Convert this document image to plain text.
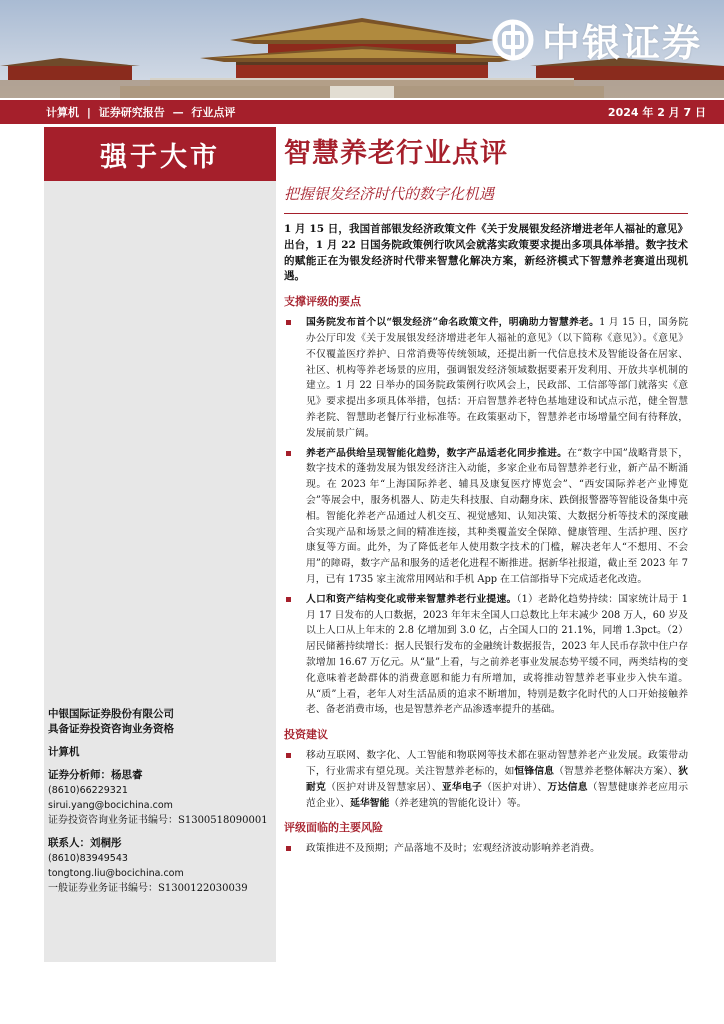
中银证券
计算机 | 证券研究报告 — 行业点评	2024 年 2 月 7 日
强于大市
中银国际证券股份有限公司
具备证券投资咨询业务资格
计算机
证券分析师：杨思睿
(8610)66229321
sirui.yang@bocichina.com
证券投资咨询业务证书编号：S1300518090001
联系人：刘桐彤
(8610)83949543
tongtong.liu@bocichina.com
一般证券业务证书编号：S1300122030039
智慧养老行业点评
把握银发经济时代的数字化机遇
1 月 15 日，我国首部银发经济政策文件《关于发展银发经济增进老年人福祉的意见》出台，1 月 22 日国务院政策例行吹风会就落实政策要求提出多项具体举措。数字技术的赋能正在为银发经济时代带来智慧化解决方案，新经济模式下智慧养老赛道出现机遇。
支撑评级的要点
国务院发布首个以“银发经济”命名政策文件，明确助力智慧养老。1 月 15 日，国务院办公厅印发《关于发展银发经济增进老年人福祉的意见》（以下简称《意见》）。《意见》不仅覆盖医疗养护、日常消费等传统领域，还提出新一代信息技术及智能设备在居家、社区、机构等养老场景的应用，强调银发经济领域数据要素开发利用、开放共享机制的建立。1 月 22 日举办的国务院政策例行吹风会上，民政部、工信部等部门就落实《意见》要求提出多项具体举措，包括：开启智慧养老特色基地建设和试点示范，健全智慧养老院、智慧助老餐厅行业标准等。在政策驱动下，智慧养老市场增量空间有待释放，发展前景广阔。
养老产品供给呈现智能化趋势，数字产品适老化同步推进。在“数字中国”战略背景下，数字技术的蓬勃发展为银发经济注入动能，多家企业布局智慧养老行业，新产品不断涌现。在 2023 年“上海国际养老、辅具及康复医疗博览会”、“西安国际养老产业博览会”等展会中，服务机器人、防走失科技服、自动翻身床、跌倒报警器等智能设备集中亮相。智能化养老产品通过人机交互、视觉感知、认知决策、大数据分析等技术的深度融合实现产品和场景之间的精准连接，其种类覆盖安全保障、健康管理、生活护理、医疗康复等方面。此外，为了降低老年人使用数字技术的门槛，解决老年人“不想用、不会用”的障碍，数字产品和服务的适老化进程不断推进。据新华社报道，截止至 2023 年 7 月，已有 1735 家主流常用网站和手机 App 在工信部指导下完成适老化改造。
人口和资产结构变化或带来智慧养老行业提速。（1）老龄化趋势持续：国家统计局于 1 月 17 日发布的人口数据，2023 年年末全国人口总数比上年末减少 208 万人，60 岁及以上人口从上年末的 2.8 亿增加到 3.0 亿，占全国人口的 21.1%，同增 1.3pct。（2）居民储蓄持续增长：据人民银行发布的金融统计数据报告，2023 年人民币存款中住户存款增加 16.67 万亿元。从“量”上看，与之前养老事业发展态势平缓不同，两类结构的变化意味着老龄群体的消费意愿和能力有所增加，或将推动智慧养老事业步入快车道。从“质”上看，老年人对生活品质的追求不断增加，特别是数字化时代的人口开始接触养老、备老消费市场，也是智慧养老产品渗透率提升的基础。
投资建议
移动互联网、数字化、人工智能和物联网等技术都在驱动智慧养老产业发展。政策带动下，行业需求有望兑现。关注智慧养老标的，如恒锋信息（智慧养老整体解决方案）、狄耐克（医护对讲及智慧家居）、亚华电子（医护对讲）、万达信息（智慧健康养老应用示范企业）、延华智能（养老建筑的智能化设计）等。
评级面临的主要风险
政策推进不及预期；产品落地不及时；宏观经济波动影响养老消费。
